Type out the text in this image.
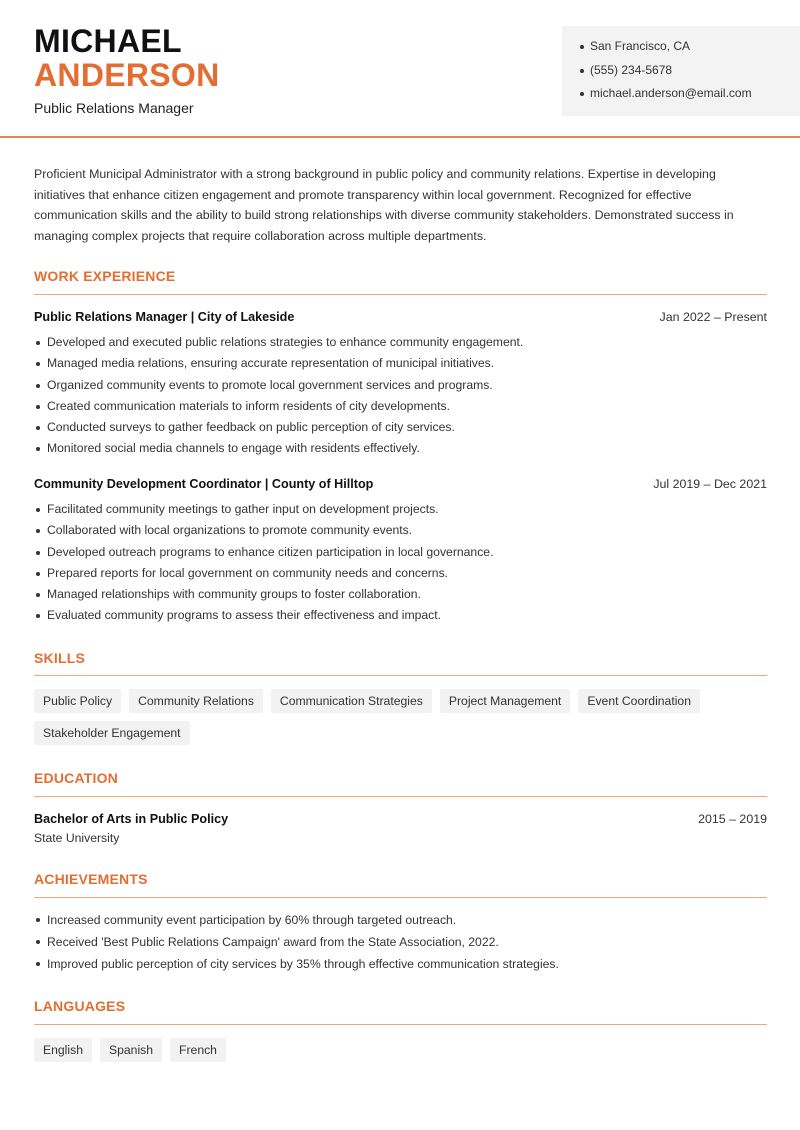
MICHAEL
ANDERSON
Public Relations Manager
San Francisco, CA
(555) 234-5678
michael.anderson@email.com

Proficient Municipal Administrator with a strong background in public policy and community relations. Expertise in developing initiatives that enhance citizen engagement and promote transparency within local government. Recognized for effective communication skills and the ability to build strong relationships with diverse community stakeholders. Demonstrated success in managing complex projects that require collaboration across multiple departments.

WORK EXPERIENCE
Public Relations Manager | City of Lakeside	Jan 2022 – Present
Developed and executed public relations strategies to enhance community engagement.
Managed media relations, ensuring accurate representation of municipal initiatives.
Organized community events to promote local government services and programs.
Created communication materials to inform residents of city developments.
Conducted surveys to gather feedback on public perception of city services.
Monitored social media channels to engage with residents effectively.
Community Development Coordinator | County of Hilltop	Jul 2019 – Dec 2021
Facilitated community meetings to gather input on development projects.
Collaborated with local organizations to promote community events.
Developed outreach programs to enhance citizen participation in local governance.
Prepared reports for local government on community needs and concerns.
Managed relationships with community groups to foster collaboration.
Evaluated community programs to assess their effectiveness and impact.
SKILLS
Public Policy	Community Relations	Communication Strategies	Project Management	Event Coordination
Stakeholder Engagement
EDUCATION
Bachelor of Arts in Public Policy	2015 – 2019
State University
ACHIEVEMENTS
Increased community event participation by 60% through targeted outreach.
Received 'Best Public Relations Campaign' award from the State Association, 2022.
Improved public perception of city services by 35% through effective communication strategies.
LANGUAGES
English	Spanish	French
